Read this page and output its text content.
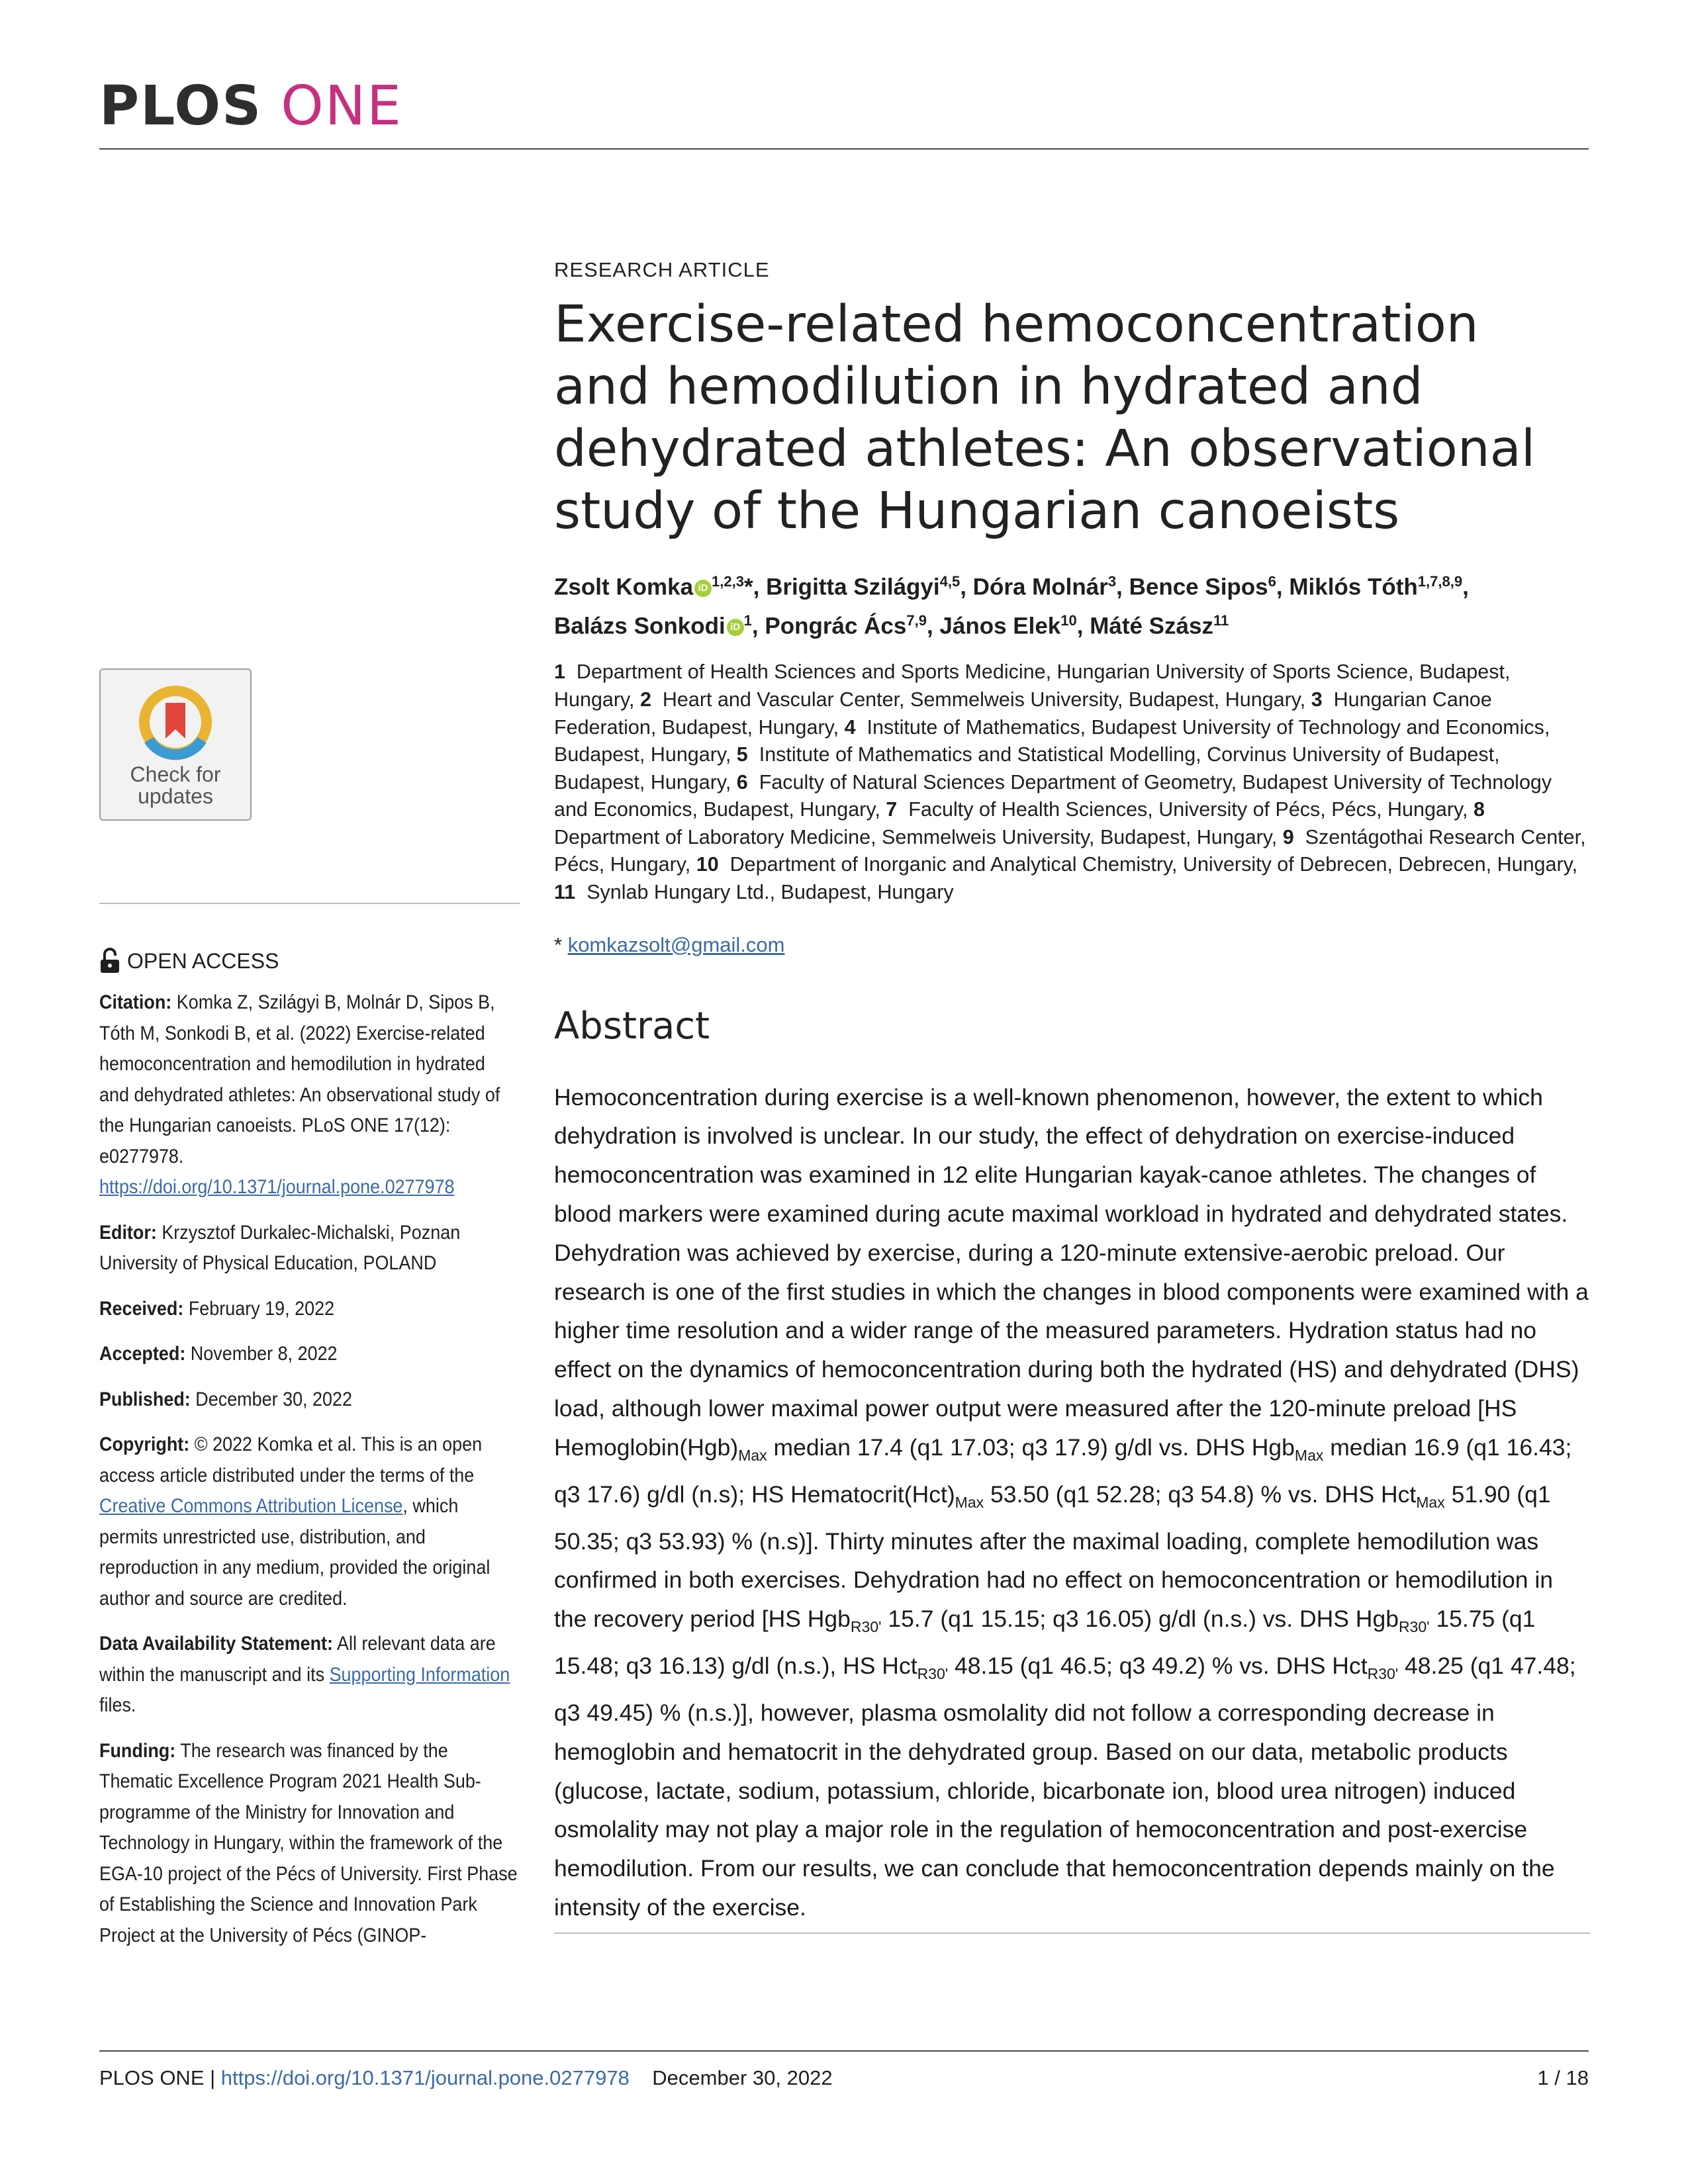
PLOS ONE
Check for
updates
OPEN ACCESS
Citation: Komka Z, Szilágyi B, Molnár D, Sipos B, Tóth M, Sonkodi B, et al. (2022) Exercise-related hemoconcentration and hemodilution in hydrated and dehydrated athletes: An observational study of the Hungarian canoeists. PLoS ONE 17(12): e0277978. https://doi.org/10.1371/journal.pone.0277978
Editor: Krzysztof Durkalec-Michalski, Poznan University of Physical Education, POLAND
Received: February 19, 2022
Accepted: November 8, 2022
Published: December 30, 2022
Copyright: © 2022 Komka et al. This is an open access article distributed under the terms of the Creative Commons Attribution License, which permits unrestricted use, distribution, and reproduction in any medium, provided the original author and source are credited.
Data Availability Statement: All relevant data are within the manuscript and its Supporting Information files.
Funding: The research was financed by the Thematic Excellence Program 2021 Health Sub-programme of the Ministry for Innovation and Technology in Hungary, within the framework of the EGA-10 project of the Pécs of University. First Phase of Establishing the Science and Innovation Park Project at the University of Pécs (GINOP-
RESEARCH ARTICLE
Exercise-related hemoconcentration and hemodilution in hydrated and dehydrated athletes: An observational study of the Hungarian canoeists
Zsolt Komka iD $^{1,2,3}$*, Brigitta Szilágyi$^{4,5}$, Dóra Molnár$^3$, Bence Sipos$^6$, Miklós Tóth$^{1,7,8,9}$,
Balázs Sonkodi iD $^1$, Pongrác Ács$^{7,9}$, János Elek$^{10}$, Máté Szász$^{11}$
1 Department of Health Sciences and Sports Medicine, Hungarian University of Sports Science, Budapest, Hungary, 2 Heart and Vascular Center, Semmelweis University, Budapest, Hungary, 3 Hungarian Canoe Federation, Budapest, Hungary, 4 Institute of Mathematics, Budapest University of Technology and Economics, Budapest, Hungary, 5 Institute of Mathematics and Statistical Modelling, Corvinus University of Budapest, Budapest, Hungary, 6 Faculty of Natural Sciences Department of Geometry, Budapest University of Technology and Economics, Budapest, Hungary, 7 Faculty of Health Sciences, University of Pécs, Pécs, Hungary, 8  Department of Laboratory Medicine, Semmelweis University, Budapest, Hungary, 9 Szentágothai Research Center, Pécs, Hungary, 10 Department of Inorganic and Analytical Chemistry, University of Debrecen, Debrecen, Hungary, 11 Synlab Hungary Ltd., Budapest, Hungary
* komkazsolt@gmail.com
Abstract

Hemoconcentration during exercise is a well-known phenomenon, however, the extent to which dehydration is involved is unclear. In our study, the effect of dehydration on exercise-induced hemoconcentration was examined in 12 elite Hungarian kayak-canoe athletes. The changes of blood markers were examined during acute maximal workload in hydrated and dehydrated states. Dehydration was achieved by exercise, during a 120-minute extensive-aerobic preload. Our research is one of the first studies in which the changes in blood components were examined with a higher time resolution and a wider range of the measured parameters. Hydration status had no effect on the dynamics of hemoconcentration during both the hydrated (HS) and dehydrated (DHS) load, although lower maximal power output were measured after the 120-minute preload [HS $Hemoglobin(Hgb)_{Max}$ median 17.4 (q1 17.03; q3 17.9) g/dl vs. DHS Hgb$_{Max}$ median 16.9 (q1 16.43; q3 17.6) g/dl (n.s); HS $Hematocrit(Hct)_{Max}$ 53.50 (q1 52.28; q3 54.8) % vs. DHS Hct$_{Max}$ 51.90 (q1 50.35; q3 53.93) % (n.s)]. Thirty minutes after the maximal loading, complete hemodilution was confirmed in both exercises. Dehydration had no effect on hemoconcentration or hemodilution in the recovery period [HS Hgb$_{R30'}$ 15.7 (q1 15.15; q3 16.05) g/dl (n.s.) vs. DHS Hgb$_{R30'}$ 15.75 (q1 15.48; q3 16.13) g/dl (n.s.), HS Hct$_{R30'}$ 48.15 (q1 46.5; q3 49.2) % vs. DHS Hct$_{R30'}$ 48.25 (q1 47.48; q3 49.45) % (n.s.)], however, plasma osmolality did not follow a corresponding decrease in hemoglobin and hematocrit in the dehydrated group. Based on our data, metabolic products (glucose, lactate, sodium, potassium, chloride, bicarbonate ion, blood urea nitrogen) induced osmolality may not play a major role in the regulation of hemoconcentration and post-exercise hemodilution. From our results, we can conclude that hemoconcentration depends mainly on the intensity of the exercise.

PLOS ONE | https://doi.org/10.1371/journal.pone.0277978 December 30, 2022	1 / 18
